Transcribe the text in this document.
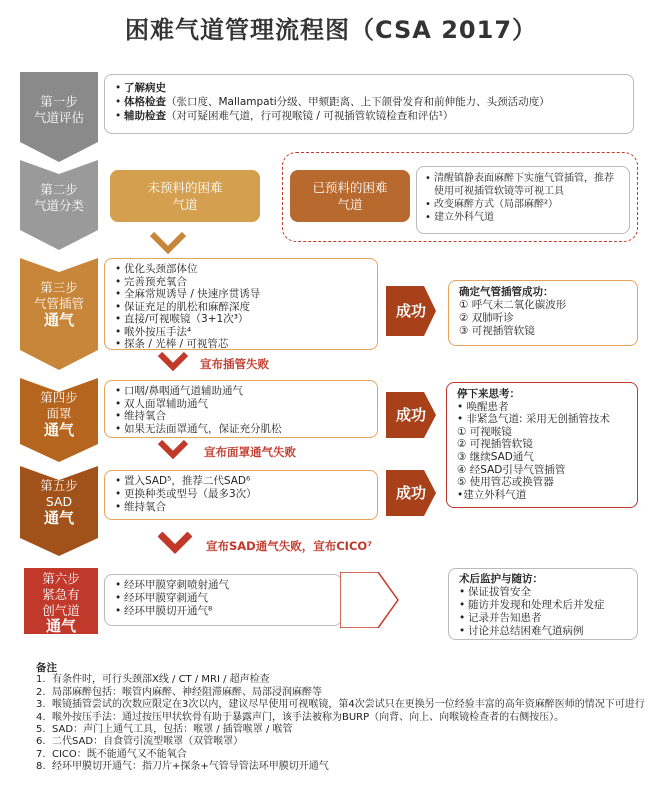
困难气道管理流程图（CSA 2017）
第一步
气道评估
第二步
气道分类
第三步
气管插管
通气
第四步
面罩
通气
第五步
SAD
通气
第六步
紧急有
创气道
通气
• 了解病史
• 体格检查（张口度、Mallampati分级、甲颏距离、上下颌骨发育和前伸能力、头颈活动度）
• 辅助检查（对可疑困难气道，行可视喉镜 / 可视插管软镜检查和评估¹）
未预料的困难气道
已预料的困难气道
• 清醒镇静表面麻醉下实施气管插管，推荐使用可视插管软镜等可视工具
• 改变麻醉方式（局部麻醉²）
• 建立外科气道
• 优化头颈部体位
• 完善预充氧合
• 全麻常规诱导 / 快速序贯诱导
• 保证充足的肌松和麻醉深度
• 直接/可视喉镜（3+1次³）
• 喉外按压手法⁴
• 探条 / 光棒 / 可视管芯
成功
确定气管插管成功：
① 呼气末二氧化碳波形
② 双肺听诊
③ 可视插管软镜
宣布插管失败
• 口咽/鼻咽通气道辅助通气
• 双人面罩辅助通气
• 维持氧合
• 如果无法面罩通气，保证充分肌松
成功
宣布面罩通气失败
• 置入SAD⁵，推荐二代SAD⁶
• 更换种类或型号（最多3次）
• 维持氧合
成功
停下来思考：
• 唤醒患者
• 非紧急气道: 采用无创插管技术
① 可视喉镜
② 可视插管软镜
③ 继续SAD通气
④ 经SAD引导气管插管
⑤ 使用管芯或换管器
•建立外科气道
宣布SAD通气失败，宣布CICO⁷
• 经环甲膜穿刺喷射通气
• 经环甲膜穿刺通气
• 经环甲膜切开通气⁸
术后监护与随访：
• 保证拔管安全
• 随访并发现和处理术后并发症
• 记录并告知患者
• 讨论并总结困难气道病例
备注
1. 有条件时，可行头颈部X线 / CT / MRI / 超声检查
2. 局部麻醉包括：喉管内麻醉、神经阻滞麻醉、局部浸润麻醉等
3. 喉镜插管尝试的次数应限定在3次以内，建议尽早使用可视喉镜，第4次尝试只在更换另一位经验丰富的高年资麻醉医师的情况下可进行
4. 喉外按压手法：通过按压甲状软骨有助于暴露声门，该手法被称为BURP（向背、向上、向喉镜检查者的右侧按压）。
5. SAD：声门上通气工具，包括：喉罩 / 插管喉罩 / 喉管
6. 二代SAD：自食管引流型喉罩（双管喉罩）
7. CICO：既不能通气又不能氧合
8. 经环甲膜切开通气：指刀片+探条+气管导管法环甲膜切开通气
